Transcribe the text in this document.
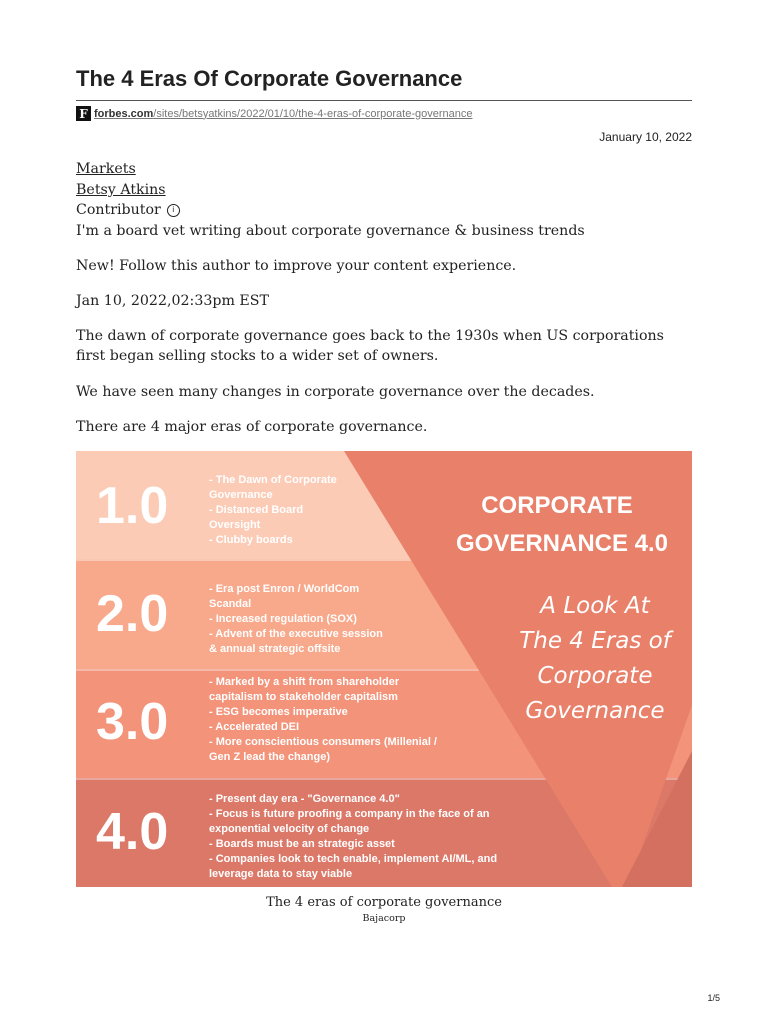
The 4 Eras Of Corporate Governance
F forbes.com/sites/betsyatkins/2022/01/10/the-4-eras-of-corporate-governance
January 10, 2022
Markets
Betsy Atkins
Contributor i
I'm a board vet writing about corporate governance & business trends
New! Follow this author to improve your content experience.
Jan 10, 2022,02:33pm EST
The dawn of corporate governance goes back to the 1930s when US corporations first began selling stocks to a wider set of owners.
We have seen many changes in corporate governance over the decades.
There are 4 major eras of corporate governance.
1.0	- The Dawn of Corporate
Governance
- Distanced Board
Oversight
- Clubby boards
2.0	- Era post Enron / WorldCom
Scandal
- Increased regulation (SOX)
- Advent of the executive session
& annual strategic offsite
3.0
- Marked by a shift from shareholder
capitalism to stakeholder capitalism
- ESG becomes imperative
- Accelerated DEI
- More conscientious consumers (Millenial /
Gen Z lead the change)
4.0
- Present day era - "Governance 4.0"
- Focus is future proofing a company in the face of an
exponential velocity of change
- Boards must be an strategic asset
- Companies look to tech enable, implement AI/ML, and
leverage data to stay viable
CORPORATE
GOVERNANCE 4.0
A Look At
The 4 Eras of
Corporate
Governance
The 4 eras of corporate governance
Bajacorp
1/5
